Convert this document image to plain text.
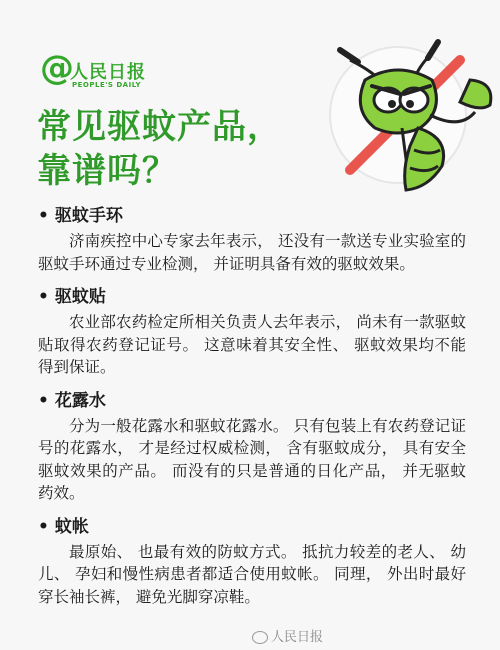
@
人民日报
PEOPLE'S DAILY
常见驱蚊产品，
靠谱吗？

• 驱蚊手环

济南疾控中心专家去年表示， 还没有一款送专业实验室的驱蚊手环通过专业检测， 并证明具备有效的驱蚊效果。

• 驱蚊贴

农业部农药检定所相关负责人去年表示， 尚未有一款驱蚊贴取得农药登记证号。 这意味着其安全性、 驱蚊效果均不能得到保证。

• 花露水

分为一般花露水和驱蚊花露水。 只有包装上有农药登记证号的花露水， 才是经过权威检测， 含有驱蚊成分， 具有安全驱蚊效果的产品。 而没有的只是普通的日化产品， 并无驱蚊药效。

• 蚊帐

最原始、 也最有效的防蚊方式。 抵抗力较差的老人、 幼儿、 孕妇和慢性病患者都适合使用蚊帐。 同理， 外出时最好穿长袖长裤， 避免光脚穿凉鞋。

人民日报
